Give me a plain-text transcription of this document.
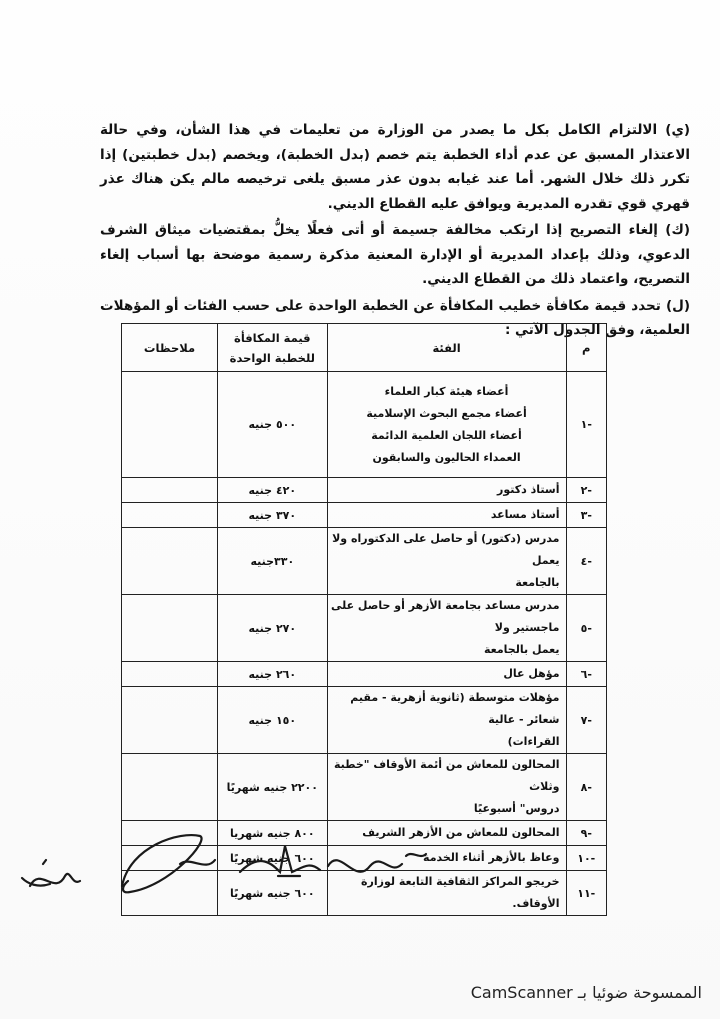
(ي) الالتزام الكامل بكل ما يصدر من الوزارة من تعليمات في هذا الشأن، وفي حالة الاعتذار المسبق عن عدم أداء الخطبة يتم خصم (بدل الخطبة)، ويخصم (بدل خطبتين) إذا تكرر ذلك خلال الشهر. أما عند غيابه بدون عذر مسبق يلغى ترخيصه مالم يكن هناك عذر قهري قوي تقدره المديرية ويوافق عليه القطاع الديني.

(ك) إلغاء التصريح إذا ارتكب مخالفة جسيمة أو أتى فعلًا يخلُّ بمقتضيات ميثاق الشرف الدعوي، وذلك بإعداد المديرية أو الإدارة المعنية مذكرة رسمية موضحة بها أسباب إلغاء التصريح، واعتماد ذلك من القطاع الديني.

(ل) تحدد قيمة مكافأة خطيب المكافأة عن الخطبة الواحدة على حسب الفئات أو المؤهلات العلمية، وفق الجدول الآتي :

م	الفئة	قيمة المكافأة للخطبة الواحدة	ملاحظات
-١	أعضاء هيئة كبار العلماء
أعضاء مجمع البحوث الإسلامية
أعضاء اللجان العلمية الدائمة
العمداء الحاليون والسابقون	٥٠٠ جنيه	
-٢	أستاذ دكتور	٤٢٠ جنيه	
-٣	أستاذ مساعد	٣٧٠ جنيه	
-٤	مدرس (دكتور) أو حاصل على الدكتوراه ولا يعمل
بالجامعة	٣٣٠جنيه	
-٥	مدرس مساعد بجامعة الأزهر أو حاصل على ماجستير ولا
يعمل بالجامعة	٢٧٠ جنيه	
-٦	مؤهل عال	٢٦٠ جنيه	
-٧	مؤهلات متوسطة (ثانوية أزهرية - مقيم شعائر - عالية
القراءات)	١٥٠ جنيه	
-٨	المحالون للمعاش من أئمة الأوقاف "خطبة وثلاث
دروس" أسبوعيًا	٢٢٠٠ جنيه شهريًا	
-٩	المحالون للمعاش من الأزهر الشريف	٨٠٠ جنيه شهريا	
-١٠	وعاظ بالأزهر أثناء الخدمة	٦٠٠ جنيه شهريًا	
-١١	خريجو المراكز الثقافية التابعة لوزارة الأوقاف.	٦٠٠ جنيه شهريًا	
الممسوحة ضوئيا بـ CamScanner
